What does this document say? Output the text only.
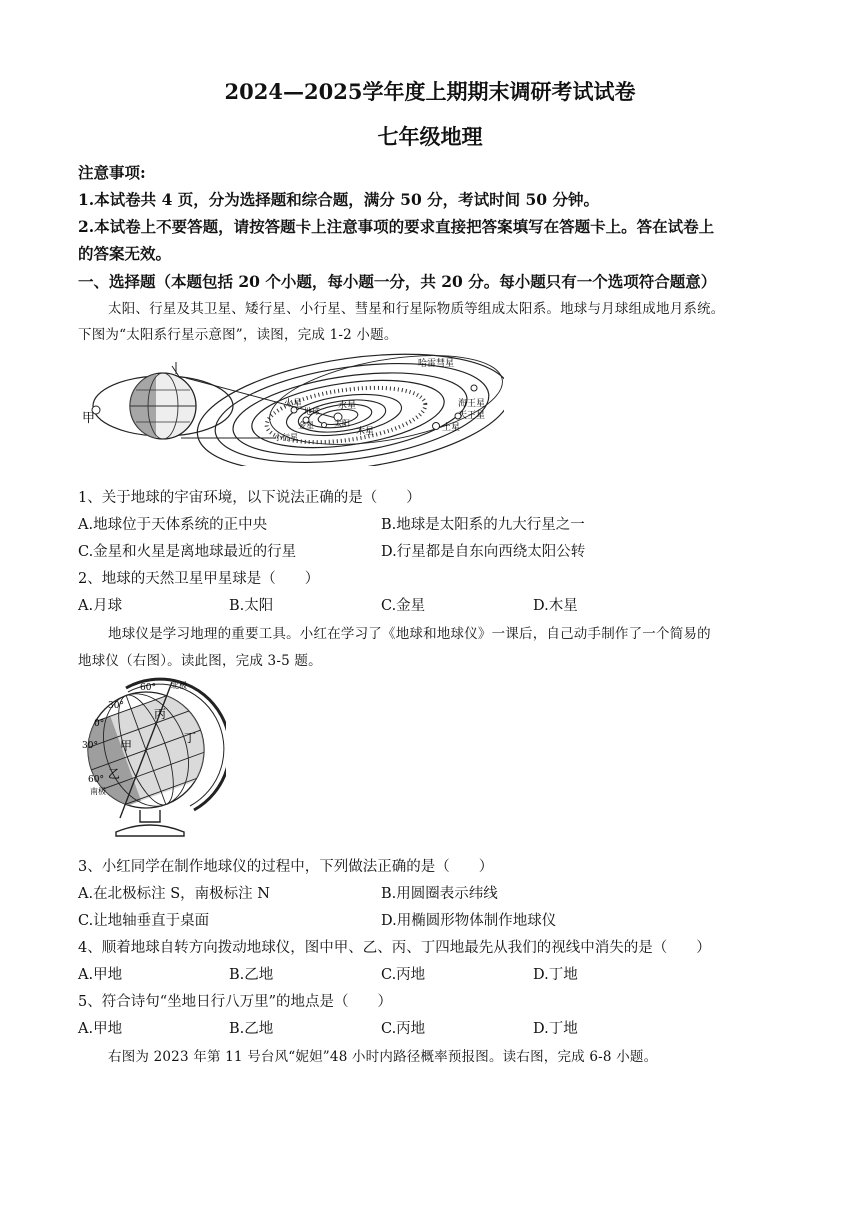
2024—2025学年度上期期末调研考试试卷
七年级地理
注意事项:
1.本试卷共 4 页，分为选择题和综合题，满分 50 分，考试时间 50 分钟。
2.本试卷上不要答题，请按答题卡上注意事项的要求直接把答案填写在答题卡上。答在试卷上
的答案无效。
一、选择题（本题包括 20 个小题，每小题一分，共 20 分。每小题只有一个选项符合题意）
太阳、行星及其卫星、矮行星、小行星、彗星和行星际物质等组成太阳系。地球与月球组成地月系统。
下图为“太阳系行星示意图”，读图，完成 1-2 小题。
甲
哈雷彗星
海王星
天王星
土星
木星
水星
太阳
火星
地球
金星
小行星
1、关于地球的宇宙环境，以下说法正确的是（　　）
A.地球位于天体系统的正中央	B.地球是太阳系的九大行星之一
C.金星和火星是离地球最近的行星	D.行星都是自东向西绕太阳公转
2、地球的天然卫星甲星球是（　　）
A.月球	B.太阳	C.金星	D.木星
地球仪是学习地理的重要工具。小红在学习了《地球和地球仪》一课后，自己动手制作了一个简易的
地球仪（右图）。读此图，完成 3-5 题。
60° 北极
30°
0°
30°
60°
南极
丙
甲
丁
乙
3、小红同学在制作地球仪的过程中，下列做法正确的是（　　）
A.在北极标注 S，南极标注 N	B.用圆圈表示纬线
C.让地轴垂直于桌面	D.用椭圆形物体制作地球仪
4、顺着地球自转方向拨动地球仪，图中甲、乙、丙、丁四地最先从我们的视线中消失的是（　　）
A.甲地	B.乙地	C.丙地	D.丁地
5、符合诗句“坐地日行八万里”的地点是（　　）
A.甲地	B.乙地	C.丙地	D.丁地
右图为 2023 年第 11 号台风“妮妲”48 小时内路径概率预报图。读右图，完成 6-8 小题。
